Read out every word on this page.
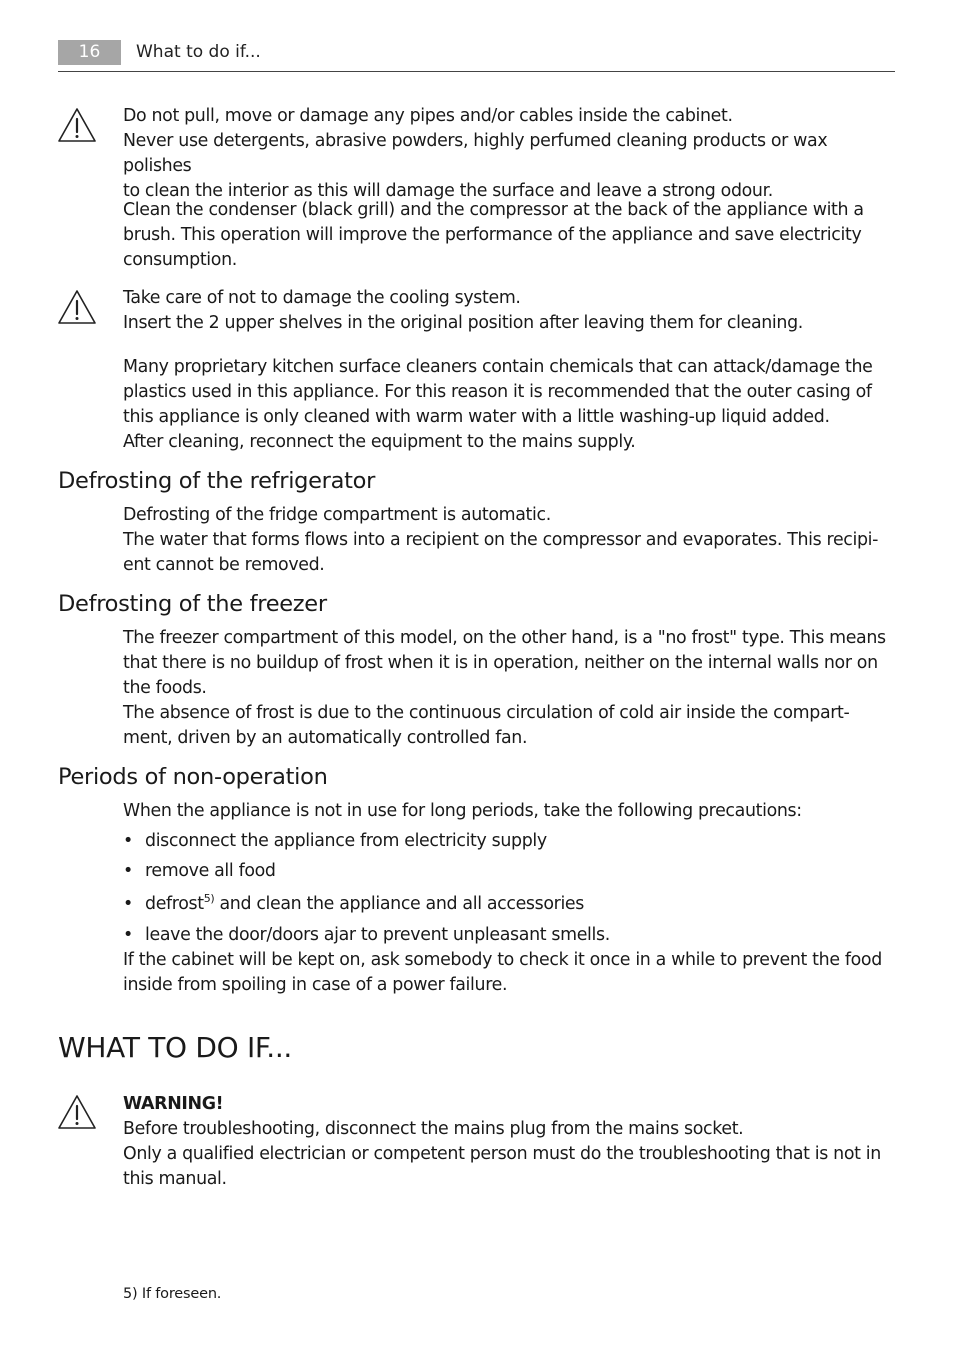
16	What to do if...

Do not pull, move or damage any pipes and/or cables inside the cabinet.
Never use detergents, abrasive powders, highly perfumed cleaning products or wax polishes
to clean the interior as this will damage the surface and leave a strong odour.

Clean the condenser (black grill) and the compressor at the back of the appliance with a
brush. This operation will improve the performance of the appliance and save electricity
consumption.

Take care of not to damage the cooling system.
Insert the 2 upper shelves in the original position after leaving them for cleaning.

Many proprietary kitchen surface cleaners contain chemicals that can attack/damage the
plastics used in this appliance. For this reason it is recommended that the outer casing of
this appliance is only cleaned with warm water with a little washing-up liquid added.
After cleaning, reconnect the equipment to the mains supply.

Defrosting of the refrigerator

Defrosting of the fridge compartment is automatic.
The water that forms flows into a recipient on the compressor and evaporates. This recipi-
ent cannot be removed.

Defrosting of the freezer

The freezer compartment of this model, on the other hand, is a "no frost" type. This means
that there is no buildup of frost when it is in operation, neither on the internal walls nor on
the foods.
The absence of frost is due to the continuous circulation of cold air inside the compart-
ment, driven by an automatically controlled fan.

Periods of non-operation

When the appliance is not in use for long periods, take the following precautions:

• disconnect the appliance from electricity supply
• remove all food
• defrost$^{5)}$ and clean the appliance and all accessories
• leave the door/doors ajar to prevent unpleasant smells.

If the cabinet will be kept on, ask somebody to check it once in a while to prevent the food
inside from spoiling in case of a power failure.

WHAT TO DO IF...

WARNING!
Before troubleshooting, disconnect the mains plug from the mains socket.
Only a qualified electrician or competent person must do the troubleshooting that is not in
this manual.

5) If foreseen.
